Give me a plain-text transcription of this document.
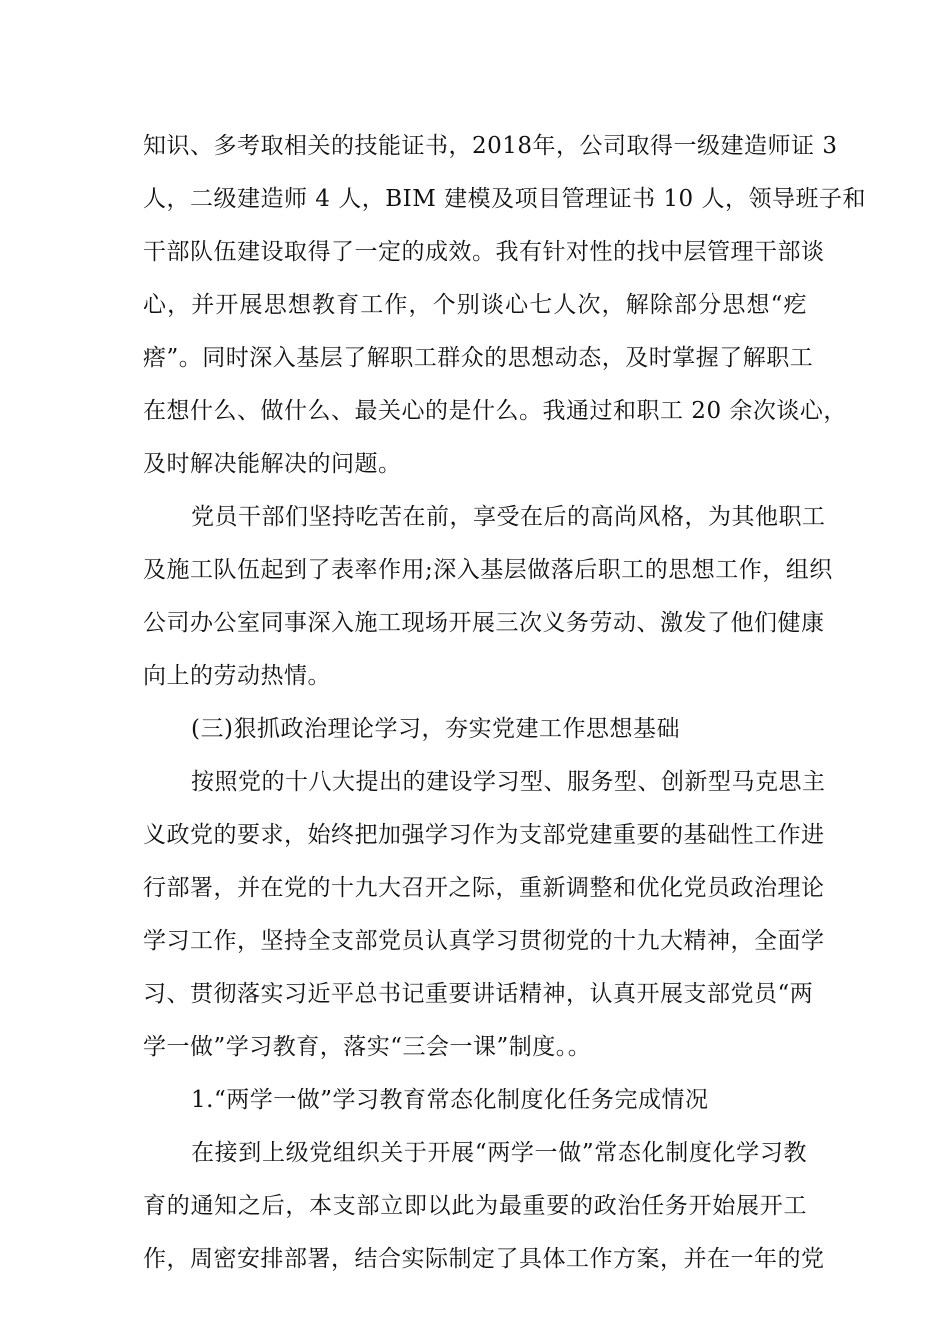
知识、多考取相关的技能证书，2018年，公司取得一级建造师证 3
人，二级建造师 4 人，BIM 建模及项目管理证书 10 人，领导班子和
干部队伍建设取得了一定的成效。我有针对性的找中层管理干部谈
心，并开展思想教育工作，个别谈心七人次，解除部分思想“疙
瘩”。同时深入基层了解职工群众的思想动态，及时掌握了解职工
在想什么、做什么、最关心的是什么。我通过和职工 20 余次谈心，
及时解决能解决的问题。
党员干部们坚持吃苦在前，享受在后的高尚风格，为其他职工
及施工队伍起到了表率作用;深入基层做落后职工的思想工作，组织
公司办公室同事深入施工现场开展三次义务劳动、激发了他们健康
向上的劳动热情。
(三)狠抓政治理论学习，夯实党建工作思想基础
按照党的十八大提出的建设学习型、服务型、创新型马克思主
义政党的要求，始终把加强学习作为支部党建重要的基础性工作进
行部署，并在党的十九大召开之际，重新调整和优化党员政治理论
学习工作，坚持全支部党员认真学习贯彻党的十九大精神，全面学
习、贯彻落实习近平总书记重要讲话精神，认真开展支部党员“两
学一做”学习教育，落实“三会一课”制度。。
1.“两学一做”学习教育常态化制度化任务完成情况
在接到上级党组织关于开展“两学一做”常态化制度化学习教
育的通知之后，本支部立即以此为最重要的政治任务开始展开工
作，周密安排部署，结合实际制定了具体工作方案，并在一年的党
